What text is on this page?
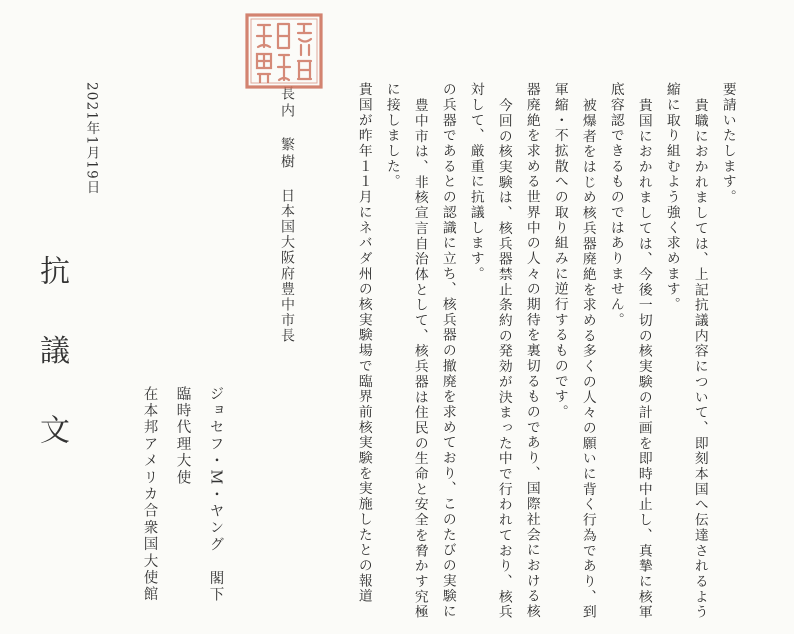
抗 議 文
2021年1月19日
在本邦アメリカ合衆国大使館 臨時代理大使 ジョセフ・M・ヤング　閣下
日本国大阪府豊中市長
長内　繁樹	貴国が昨年１１月にネバダ州の核実験場で臨界前核実験を実施したとの報道 に接しました。 豊中市は、非核宣言自治体として、核兵器は住民の生命と安全を脅かす究極 の兵器であるとの認識に立ち、核兵器の撤廃を求めており、このたびの実験に 対して、厳重に抗議します。 今回の核実験は、核兵器禁止条約の発効が決まった中で行われており、核兵 器廃絶を求める世界中の人々の期待を裏切るものであり、国際社会における核 軍縮・不拡散への取り組みに逆行するものです。 被爆者をはじめ核兵器廃絶を求める多くの人々の願いに背く行為であり、到 底容認できるものではありません。 貴国におかれましては、今後一切の核実験の計画を即時中止し、真摯に核軍 縮に取り組むよう強く求めます。 貴職におかれましては、上記抗議内容について、即刻本国へ伝達されるよう 要請いたします。
